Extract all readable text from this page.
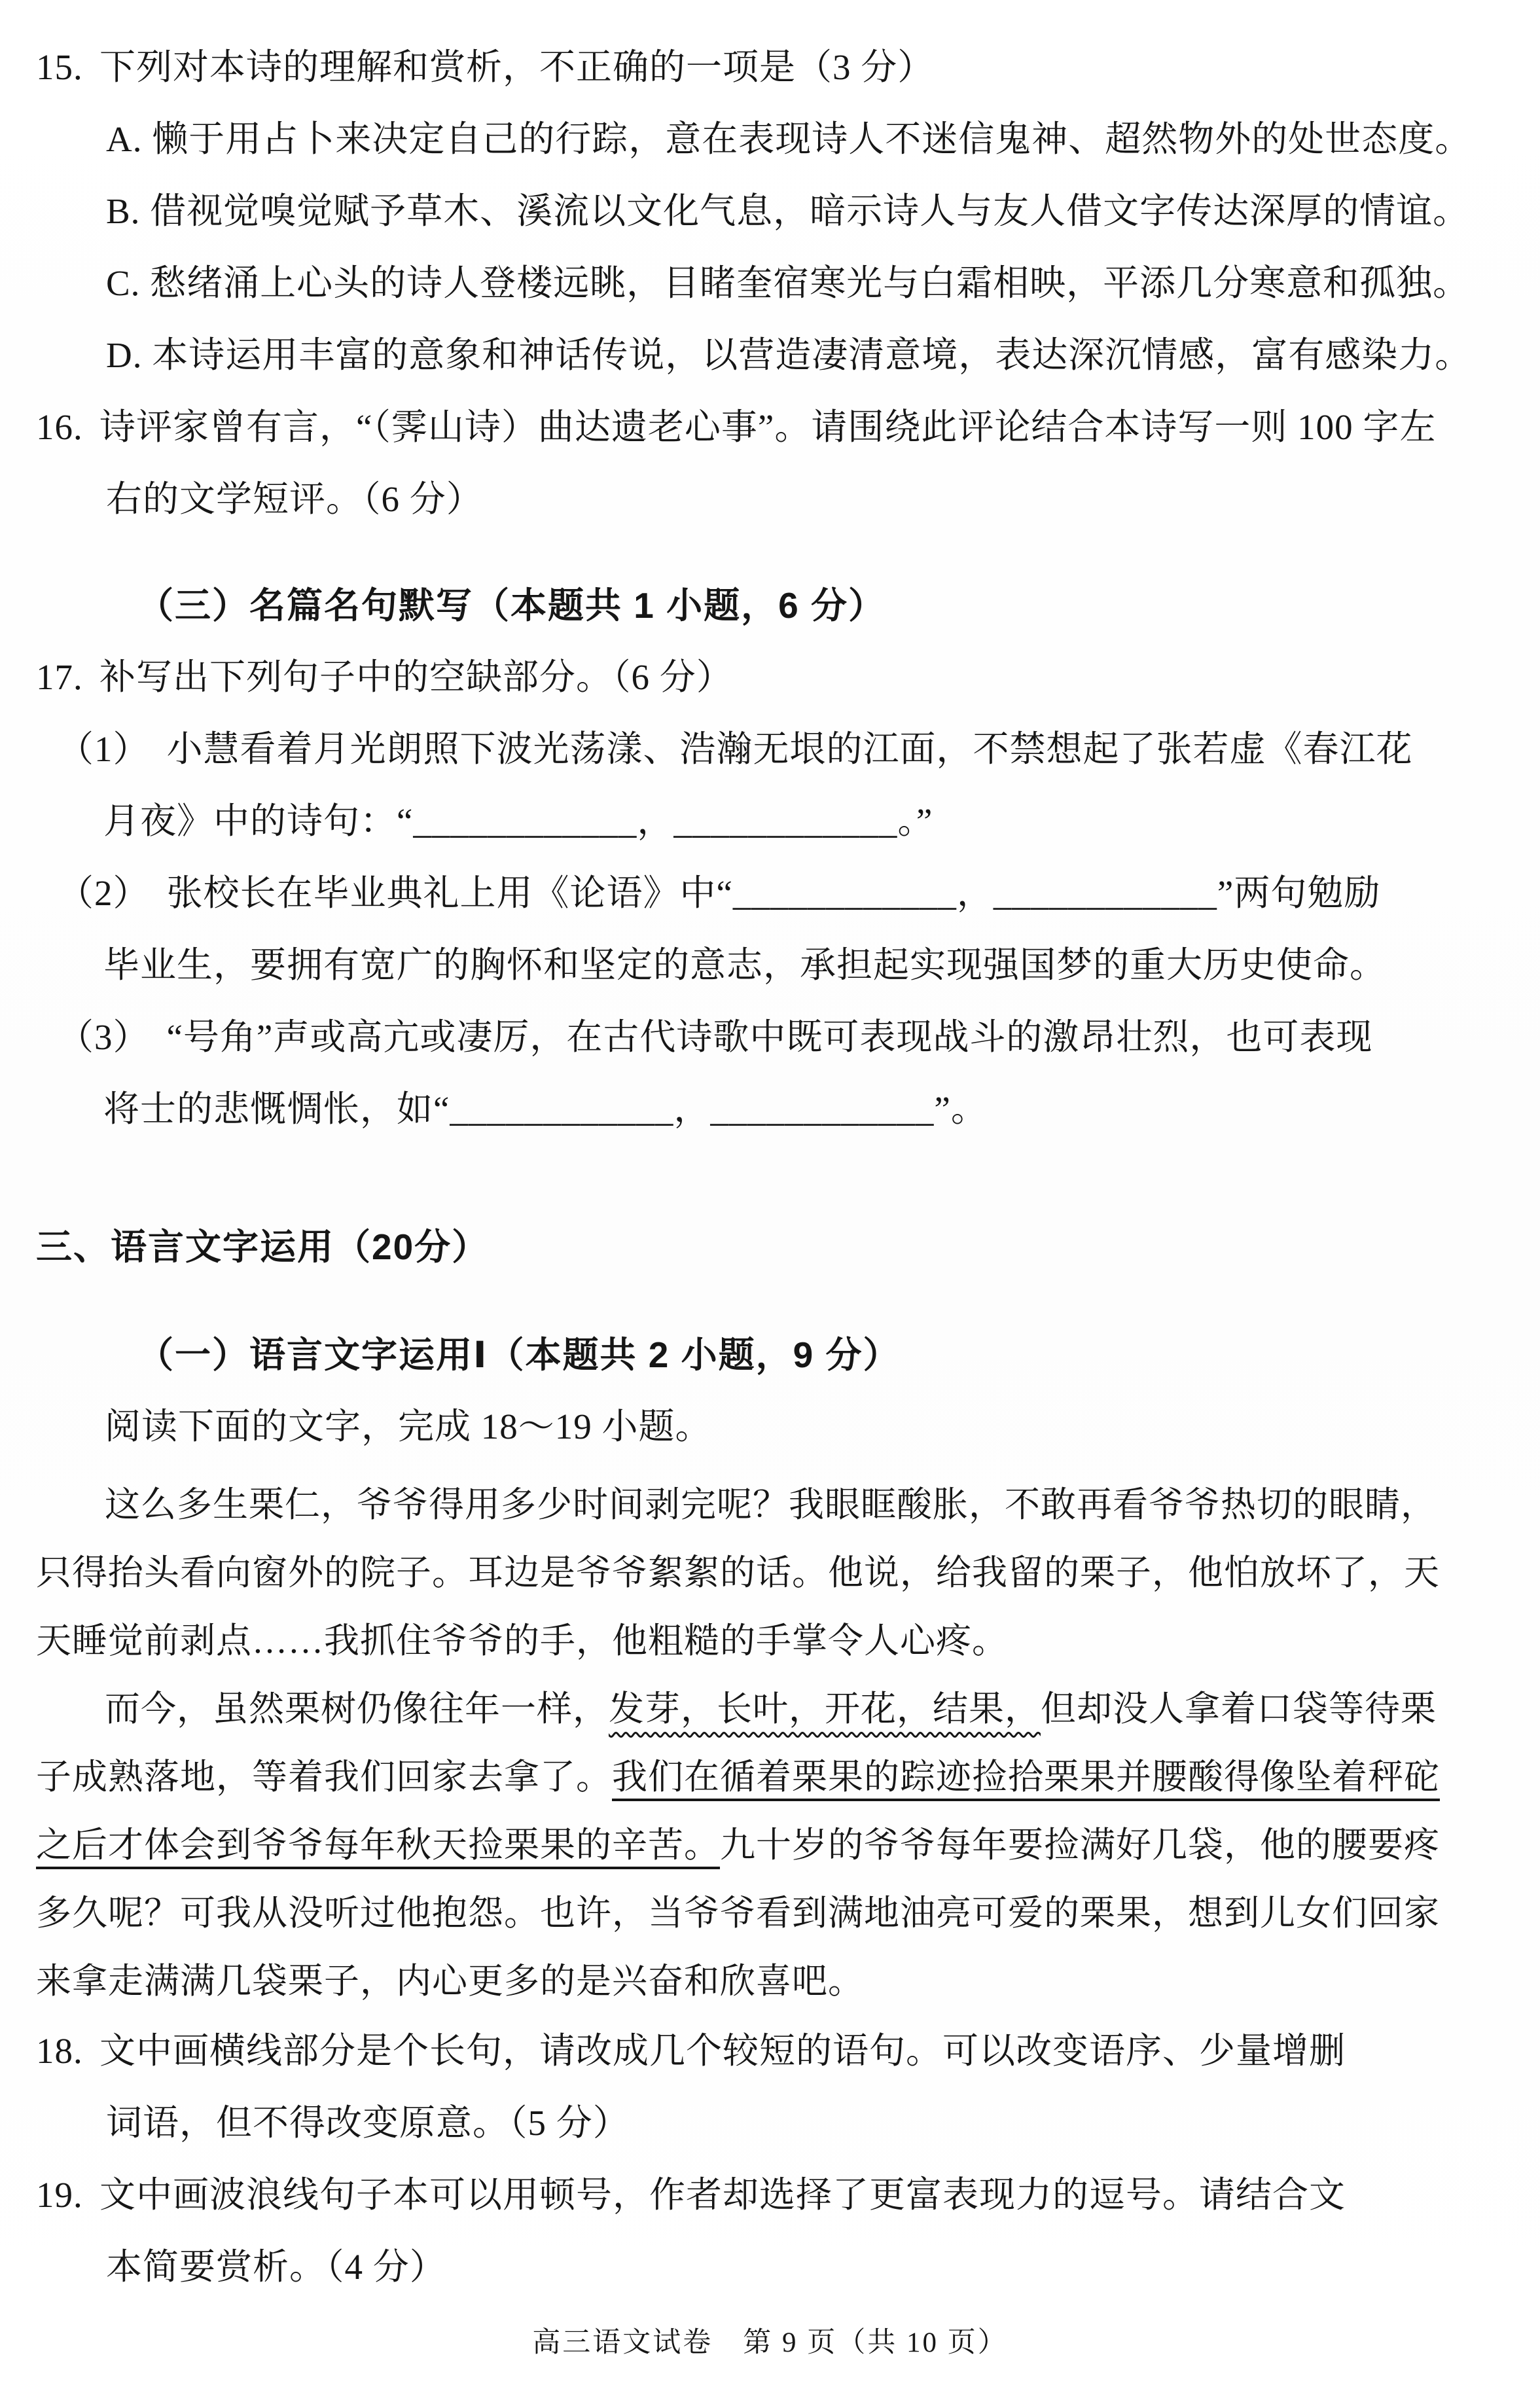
15. 下列对本诗的理解和赏析，不正确的一项是（3 分）
A. 懒于用占卜来决定自己的行踪，意在表现诗人不迷信鬼神、超然物外的处世态度。
B. 借视觉嗅觉赋予草木、溪流以文化气息，暗示诗人与友人借文字传达深厚的情谊。
C. 愁绪涌上心头的诗人登楼远眺，目睹奎宿寒光与白霜相映，平添几分寒意和孤独。
D. 本诗运用丰富的意象和神话传说，以营造凄清意境，表达深沉情感，富有感染力。
16. 诗评家曾有言，“（霁山诗）曲达遗老心事”。请围绕此评论结合本诗写一则 100 字左
右的文学短评。（6 分）
（三）名篇名句默写（本题共 1 小题，6 分）
17. 补写出下列句子中的空缺部分。（6 分）
（1） 小慧看着月光朗照下波光荡漾、浩瀚无垠的江面，不禁想起了张若虚《春江花
月夜》中的诗句：“____________，____________。”
（2） 张校长在毕业典礼上用《论语》中“____________，____________”两句勉励
毕业生，要拥有宽广的胸怀和坚定的意志，承担起实现强国梦的重大历史使命。
（3） “号角”声或高亢或凄厉，在古代诗歌中既可表现战斗的激昂壮烈，也可表现
将士的悲慨惆怅，如“____________，____________”。
三、语言文字运用（20分）
（一）语言文字运用Ⅰ（本题共 2 小题，9 分）
阅读下面的文字，完成 18～19 小题。
这么多生栗仁，爷爷得用多少时间剥完呢？我眼眶酸胀，不敢再看爷爷热切的眼睛，
只得抬头看向窗外的院子。耳边是爷爷絮絮的话。他说，给我留的栗子，他怕放坏了，天
天睡觉前剥点……我抓住爷爷的手，他粗糙的手掌令人心疼。
而今，虽然栗树仍像往年一样，发芽，长叶，开花，结果，但却没人拿着口袋等待栗
子成熟落地，等着我们回家去拿了。我们在循着栗果的踪迹捡拾栗果并腰酸得像坠着秤砣
之后才体会到爷爷每年秋天捡栗果的辛苦。九十岁的爷爷每年要捡满好几袋，他的腰要疼
多久呢？可我从没听过他抱怨。也许，当爷爷看到满地油亮可爱的栗果，想到儿女们回家
来拿走满满几袋栗子，内心更多的是兴奋和欣喜吧。
18. 文中画横线部分是个长句，请改成几个较短的语句。可以改变语序、少量增删
词语，但不得改变原意。（5 分）
19. 文中画波浪线句子本可以用顿号，作者却选择了更富表现力的逗号。请结合文
本简要赏析。（4 分）
高三语文试卷　第 9 页（共 10 页）
